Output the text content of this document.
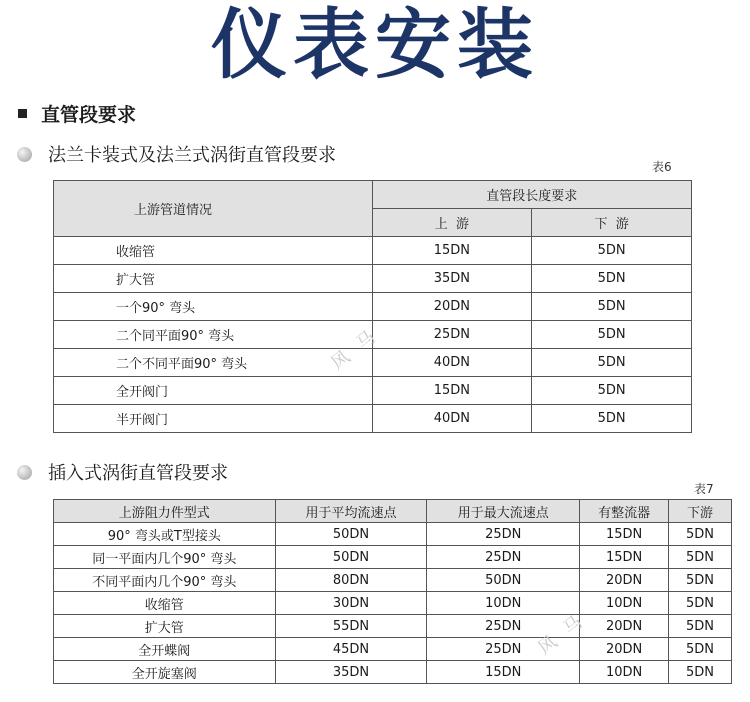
仪表安装
直管段要求
法兰卡装式及法兰式涡街直管段要求
表6
上游管道情况	直管段长度要求	
	上  游	下  游
收缩管	15DN	5DN
扩大管	35DN	5DN
一个90° 弯头	20DN	5DN
二个同平面90° 弯头	25DN	5DN
二个不同平面90° 弯头	40DN	5DN
全开阀门	15DN	5DN
半开阀门	40DN	5DN
插入式涡街直管段要求
表7
上游阻力件型式	用于平均流速点	用于最大流速点	有整流器	下游
90° 弯头或T型接头	50DN	25DN	15DN	5DN
同一平面内几个90° 弯头	50DN	25DN	15DN	5DN
不同平面内几个90° 弯头	80DN	50DN	20DN	5DN
收缩管	30DN	10DN	10DN	5DN
扩大管	55DN	25DN	20DN	5DN
全开蝶阀	45DN	25DN	20DN	5DN
全开旋塞阀	35DN	15DN	10DN	5DN
风马
风马
